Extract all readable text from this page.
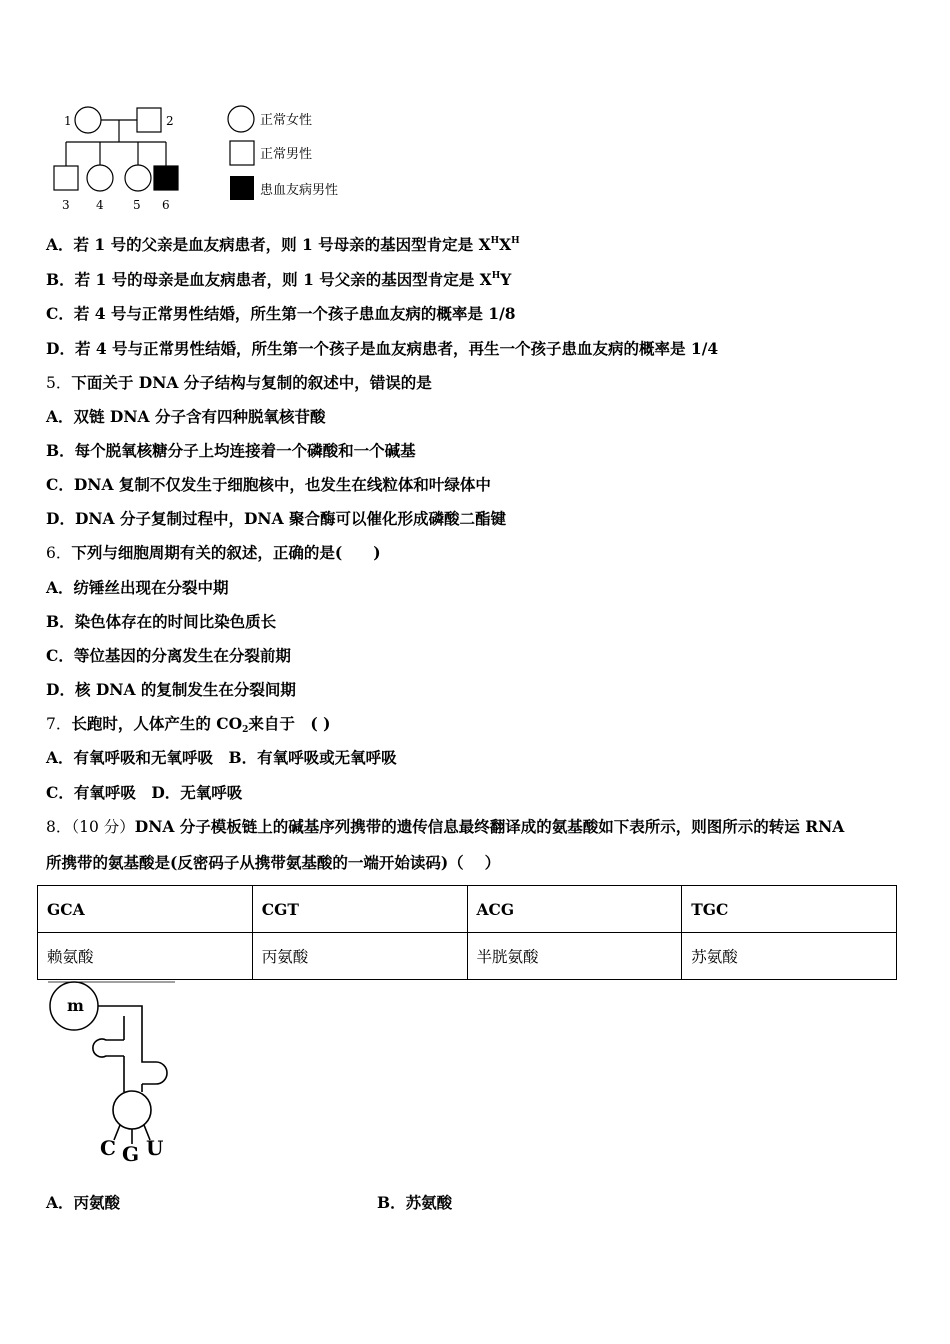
1	2
3 4 5 6
正常女性
正常男性
患血友病男性
A．若 1 号的父亲是血友病患者，则 1 号母亲的基因型肯定是 $X^HX^H$
B．若 1 号的母亲是血友病患者，则 1 号父亲的基因型肯定是 $X^HY$
C．若 4 号与正常男性结婚，所生第一个孩子患血友病的概率是 1/8
D．若 4 号与正常男性结婚，所生第一个孩子是血友病患者，再生一个孩子患血友病的概率是 1/4
5．下面关于 DNA 分子结构与复制的叙述中，错误的是
A．双链 DNA 分子含有四种脱氧核苷酸
B．每个脱氧核糖分子上均连接着一个磷酸和一个碱基
C．DNA 复制不仅发生于细胞核中，也发生在线粒体和叶绿体中
D．DNA 分子复制过程中，DNA 聚合酶可以催化形成磷酸二酯键
6．下列与细胞周期有关的叙述，正确的是(　　)
A．纺锤丝出现在分裂中期
B．染色体存在的时间比染色质长
C．等位基因的分离发生在分裂前期
D．核 DNA 的复制发生在分裂间期
7．长跑时，人体产生的 $CO_2$来自于　( )
A．有氧呼吸和无氧呼吸　B．有氧呼吸或无氧呼吸
C．有氧呼吸　D．无氧呼吸
8．（10 分）DNA 分子模板链上的碱基序列携带的遗传信息最终翻译成的氨基酸如下表所示，则图所示的转运 RNA
所携带的氨基酸是(反密码子从携带氨基酸的一端开始读码)（　 ）
GCA	CGT	ACG	TGC
赖氨酸	丙氨酸	半胱氨酸	苏氨酸
m
C G U
A．丙氨酸	B．苏氨酸
